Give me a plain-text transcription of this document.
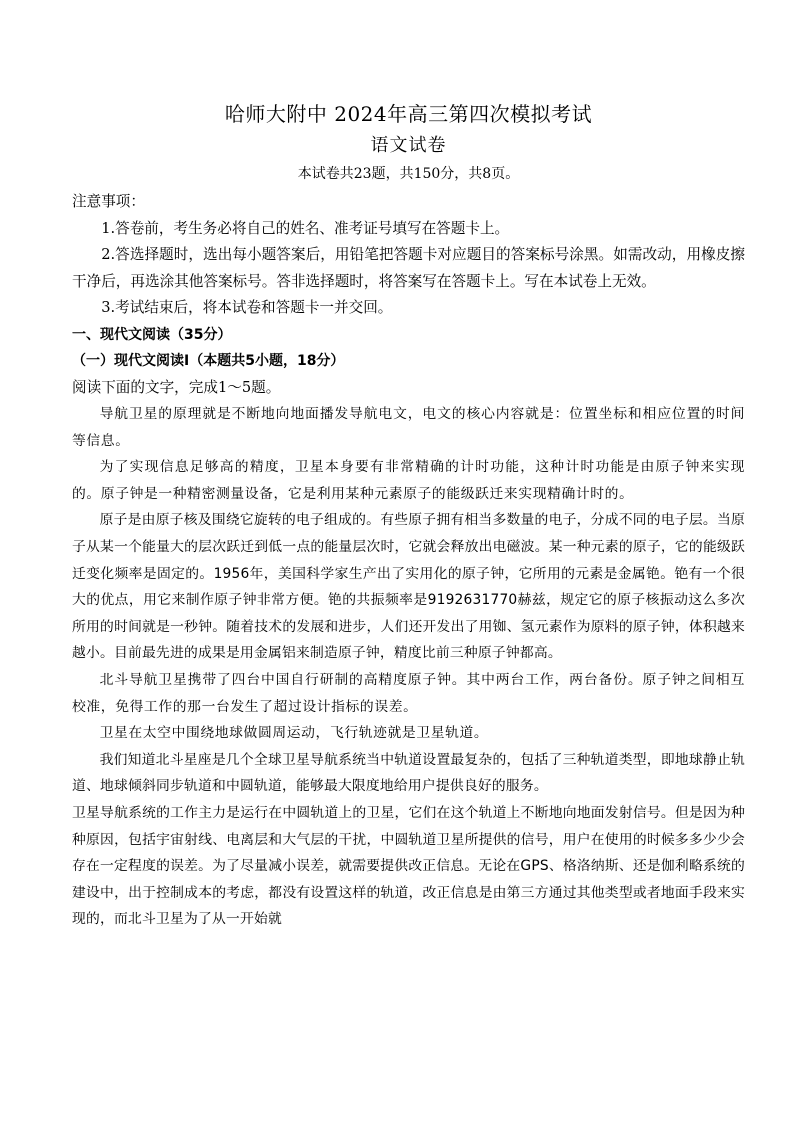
哈师大附中 2024年高三第四次模拟考试
语文试卷
本试卷共23题，共150分，共8页。

注意事项：

1.答卷前，考生务必将自己的姓名、准考证号填写在答题卡上。

2.答选择题时，选出每小题答案后，用铅笔把答题卡对应题目的答案标号涂黑。如需改动，用橡皮擦干净后，再选涂其他答案标号。答非选择题时，将答案写在答题卡上。写在本试卷上无效。

3.考试结束后，将本试卷和答题卡一并交回。

一、现代文阅读（35分）

（一）现代文阅读Ⅰ（本题共5小题，18分）

阅读下面的文字，完成1～5题。

导航卫星的原理就是不断地向地面播发导航电文，电文的核心内容就是：位置坐标和相应位置的时间等信息。

为了实现信息足够高的精度，卫星本身要有非常精确的计时功能，这种计时功能是由原子钟来实现的。原子钟是一种精密测量设备，它是利用某种元素原子的能级跃迁来实现精确计时的。

原子是由原子核及围绕它旋转的电子组成的。有些原子拥有相当多数量的电子，分成不同的电子层。当原子从某一个能量大的层次跃迁到低一点的能量层次时，它就会释放出电磁波。某一种元素的原子，它的能级跃迁变化频率是固定的。1956年，美国科学家生产出了实用化的原子钟，它所用的元素是金属铯。铯有一个很大的优点，用它来制作原子钟非常方便。铯的共振频率是9192631770赫兹，规定它的原子核振动这么多次所用的时间就是一秒钟。随着技术的发展和进步，人们还开发出了用铷、氢元素作为原料的原子钟，体积越来越小。目前最先进的成果是用金属铝来制造原子钟，精度比前三种原子钟都高。

北斗导航卫星携带了四台中国自行研制的高精度原子钟。其中两台工作，两台备份。原子钟之间相互校准，免得工作的那一台发生了超过设计指标的误差。

卫星在太空中围绕地球做圆周运动，飞行轨迹就是卫星轨道。

我们知道北斗星座是几个全球卫星导航系统当中轨道设置最复杂的，包括了三种轨道类型，即地球静止轨道、地球倾斜同步轨道和中圆轨道，能够最大限度地给用户提供良好的服务。

卫星导航系统的工作主力是运行在中圆轨道上的卫星，它们在这个轨道上不断地向地面发射信号。但是因为种种原因，包括宇宙射线、电离层和大气层的干扰，中圆轨道卫星所提供的信号，用户在使用的时候多多少少会存在一定程度的误差。为了尽量减小误差，就需要提供改正信息。无论在GPS、格洛纳斯、还是伽利略系统的建设中，出于控制成本的考虑，都没有设置这样的轨道，改正信息是由第三方通过其他类型或者地面手段来实现的，而北斗卫星为了从一开始就
